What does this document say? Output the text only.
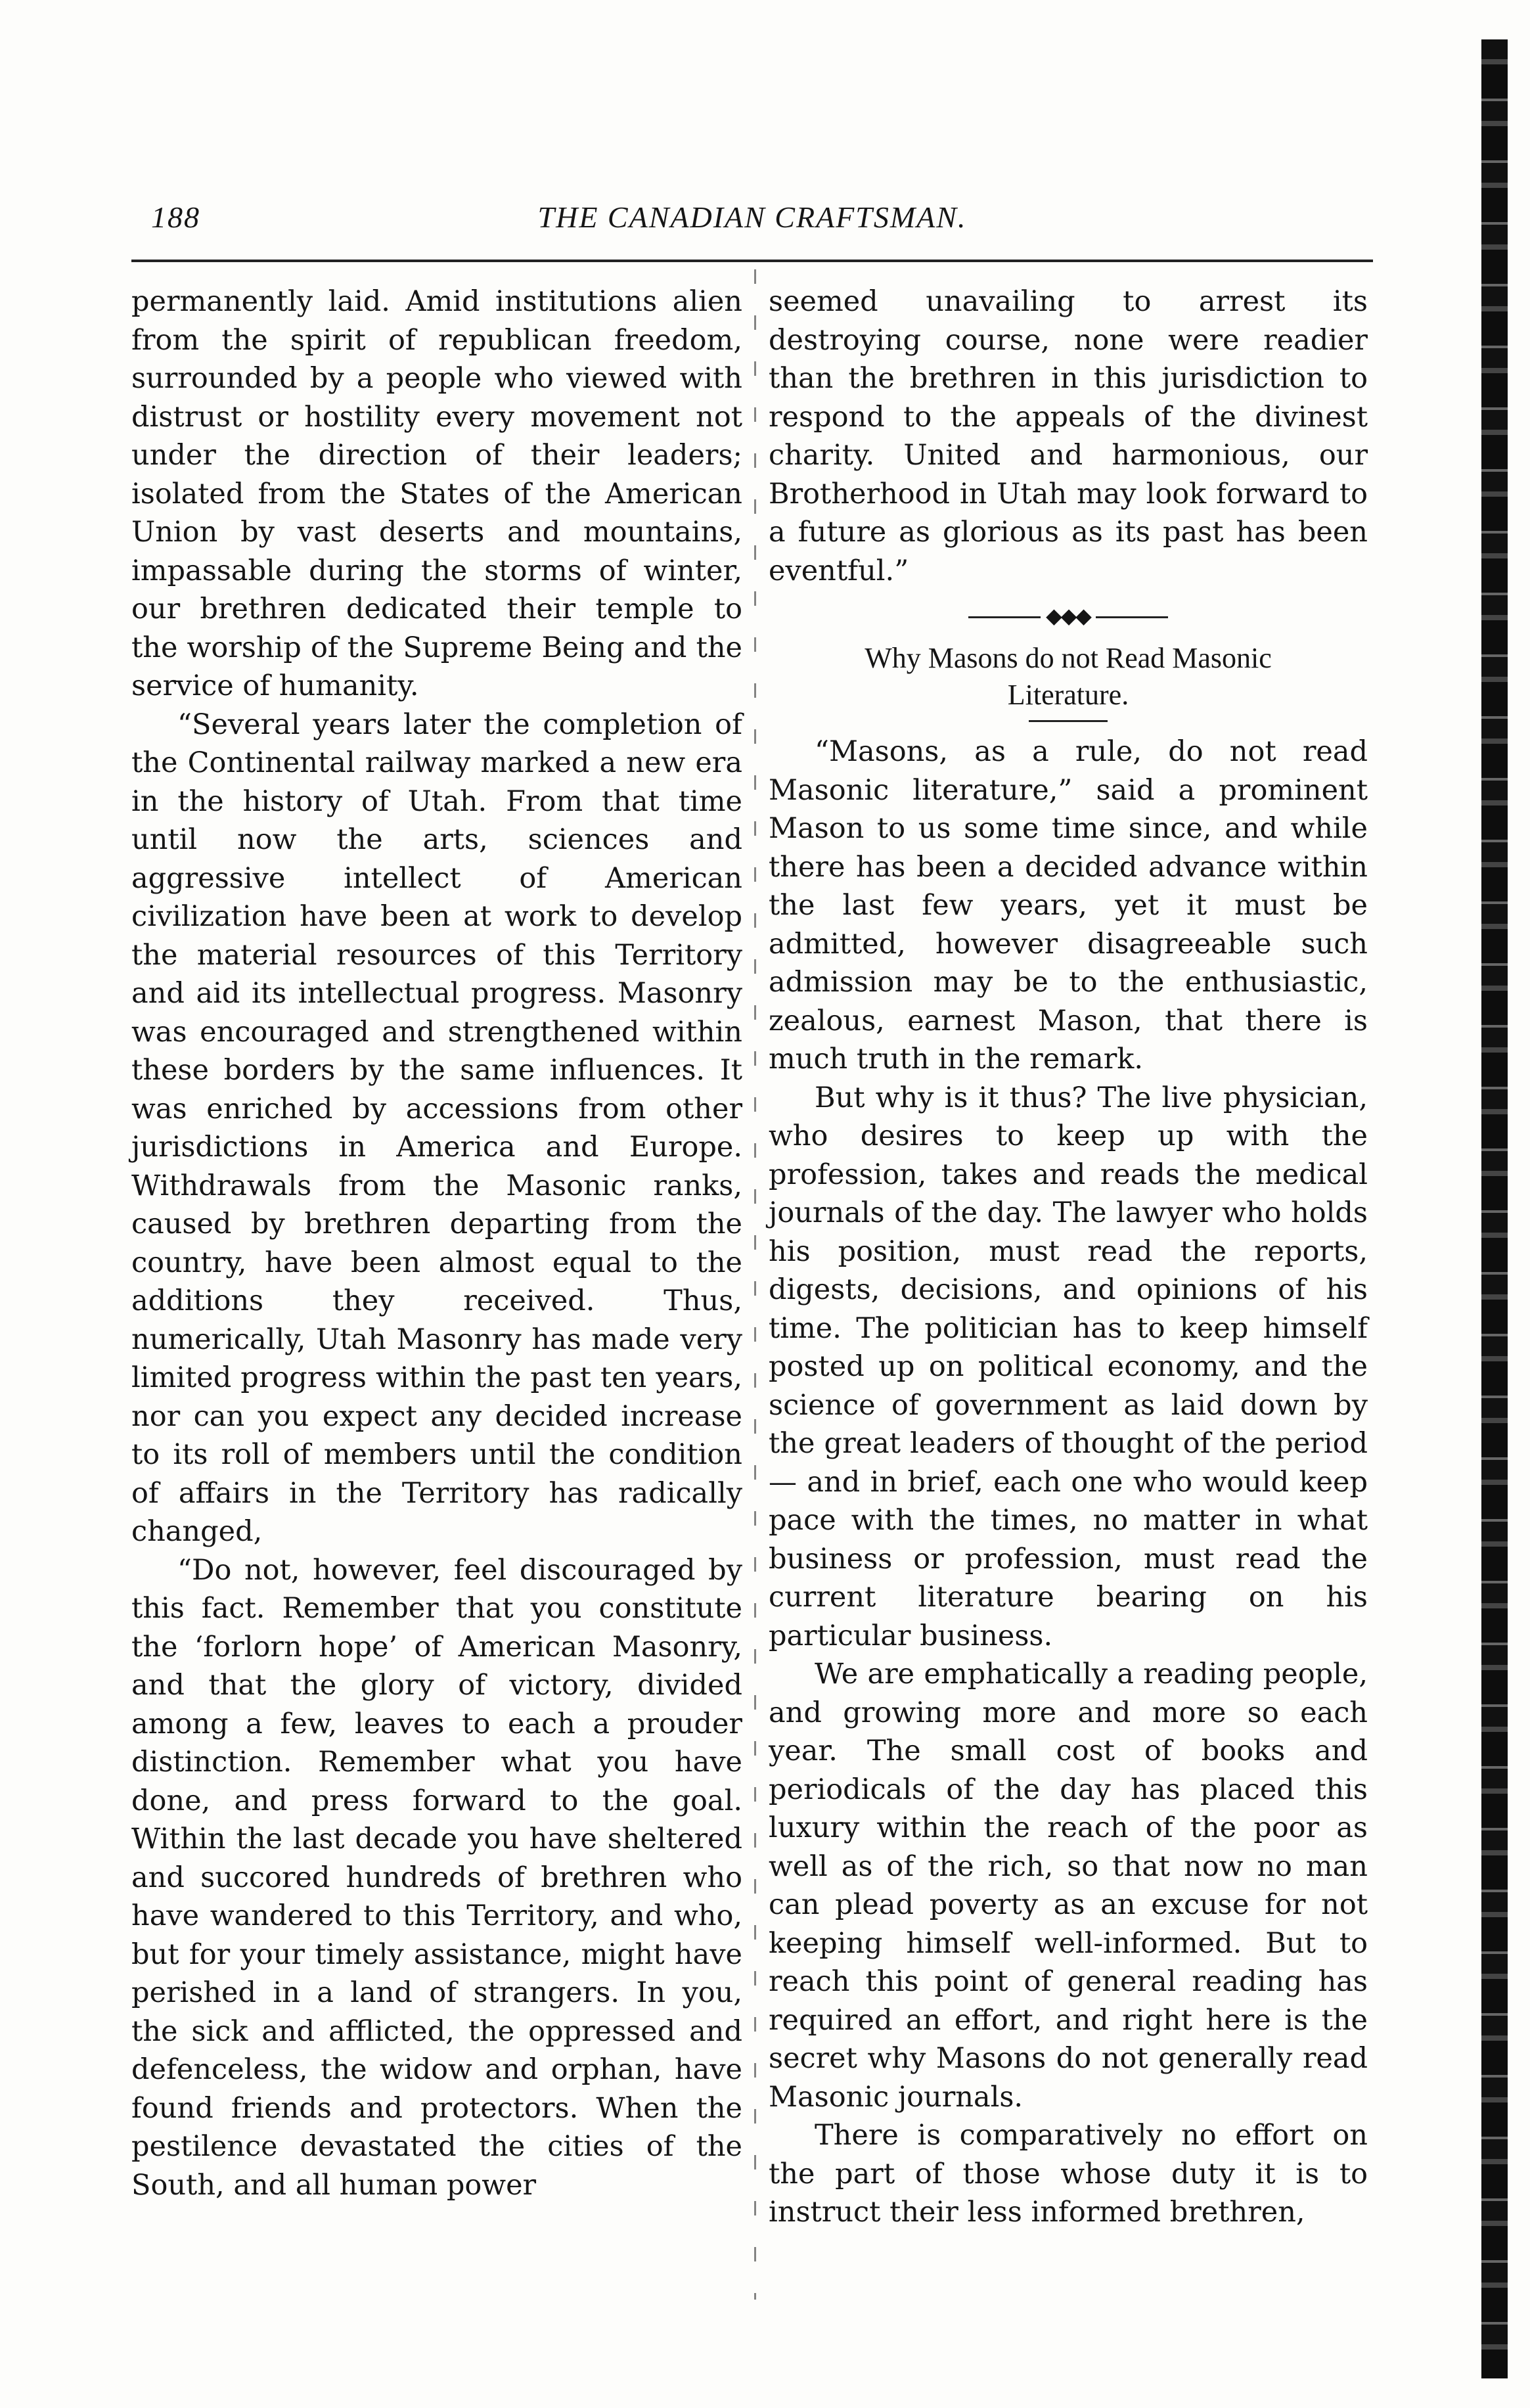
188	THE CANADIAN CRAFTSMAN.

permanently laid. Amid institutions alien from the spirit of republican freedom, surrounded by a people who viewed with distrust or hostility every movement not under the direction of their leaders; isolated from the States of the American Union by vast deserts and mountains, impassable during the storms of winter, our brethren dedicated their temple to the worship of the Supreme Being and the service of humanity.

“Several years later the completion of the Continental railway marked a new era in the history of Utah. From that time until now the arts, sciences and aggressive intellect of American civilization have been at work to develop the material resources of this Territory and aid its intellectual progress. Masonry was encouraged and strengthened within these borders by the same influences. It was enriched by accessions from other jurisdictions in America and Europe. Withdrawals from the Masonic ranks, caused by brethren departing from the country, have been almost equal to the additions they received. Thus, numerically, Utah Masonry has made very limited progress within the past ten years, nor can you expect any decided increase to its roll of members until the condition of affairs in the Territory has radically changed,

“Do not, however, feel discouraged by this fact. Remember that you constitute the ‘forlorn hope’ of American Masonry, and that the glory of victory, divided among a few, leaves to each a prouder distinction. Remember what you have done, and press forward to the goal. Within the last decade you have sheltered and succored hundreds of brethren who have wandered to this Territory, and who, but for your timely assistance, might have perished in a land of strangers. In you, the sick and afflicted, the oppressed and defenceless, the widow and orphan, have found friends and protectors. When the pestilence devastated the cities of the South, and all human power

seemed unavailing to arrest its destroying course, none were readier than the brethren in this jurisdiction to respond to the appeals of the divinest charity. United and harmonious, our Brotherhood in Utah may look forward to a future as glorious as its past has been eventful.”

◆◆◆
Why Masons do not Read Masonic
Literature.

“Masons, as a rule, do not read Masonic literature,” said a prominent Mason to us some time since, and while there has been a decided advance within the last few years, yet it must be admitted, however disagreeable such admission may be to the enthusiastic, zealous, earnest Mason, that there is much truth in the remark.

But why is it thus? The live physician, who desires to keep up with the profession, takes and reads the medical journals of the day. The lawyer who holds his position, must read the reports, digests, decisions, and opinions of his time. The politician has to keep himself posted up on political economy, and the science of government as laid down by the great leaders of thought of the period— and in brief, each one who would keep pace with the times, no matter in what business or profession, must read the current literature bearing on his particular business.

We are emphatically a reading people, and growing more and more so each year. The small cost of books and periodicals of the day has placed this luxury within the reach of the poor as well as of the rich, so that now no man can plead poverty as an excuse for not keeping himself well-informed. But to reach this point of general reading has required an effort, and right here is the secret why Masons do not generally read Masonic journals.

There is comparatively no effort on the part of those whose duty it is to instruct their less informed brethren,
